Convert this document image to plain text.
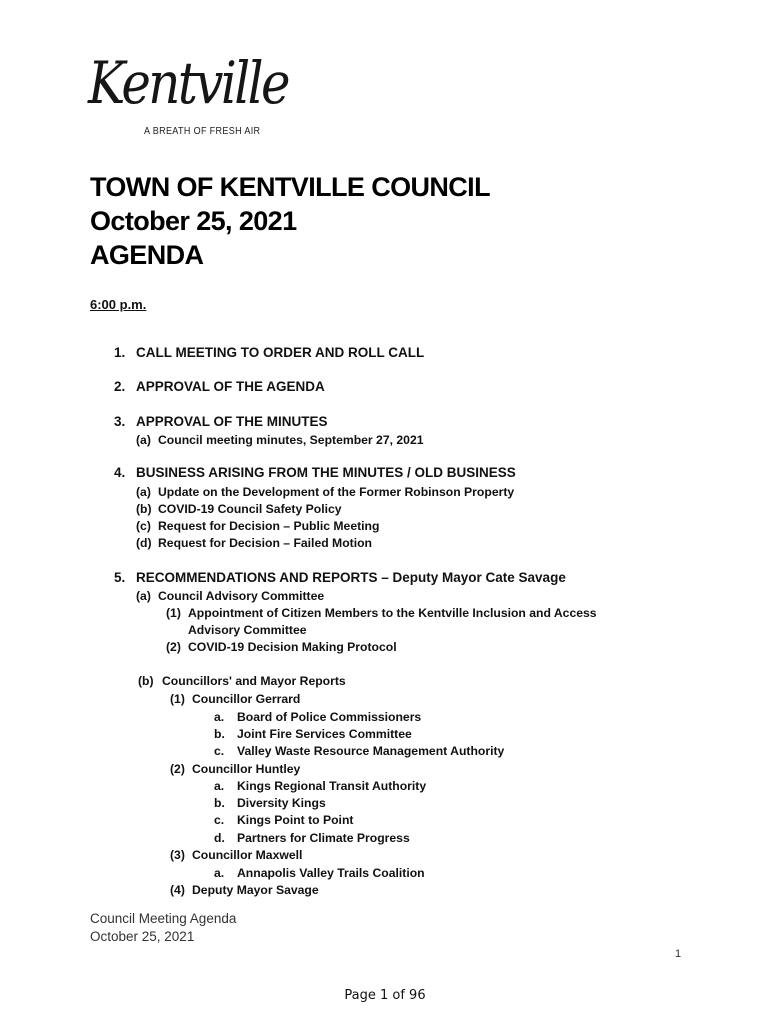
Kentville
A BREATH OF FRESH AIR
TOWN OF KENTVILLE COUNCIL
October 25, 2021
AGENDA
6:00 p.m.
1. CALL MEETING TO ORDER AND ROLL CALL
2. APPROVAL OF THE AGENDA
3. APPROVAL OF THE MINUTES
(a) Council meeting minutes, September 27, 2021
4. BUSINESS ARISING FROM THE MINUTES / OLD BUSINESS
(a) Update on the Development of the Former Robinson Property
(b) COVID-19 Council Safety Policy
(c) Request for Decision – Public Meeting
(d) Request for Decision – Failed Motion
5. RECOMMENDATIONS AND REPORTS – Deputy Mayor Cate Savage
(a) Council Advisory Committee
(1) Appointment of Citizen Members to the Kentville Inclusion and Access
Advisory Committee
(2) COVID-19 Decision Making Protocol
(b) Councillors' and Mayor Reports
(1) Councillor Gerrard
a. Board of Police Commissioners
b. Joint Fire Services Committee
c. Valley Waste Resource Management Authority
(2) Councillor Huntley
a. Kings Regional Transit Authority
b. Diversity Kings
c. Kings Point to Point
d. Partners for Climate Progress
(3) Councillor Maxwell
a. Annapolis Valley Trails Coalition
(4) Deputy Mayor Savage
Council Meeting Agenda
October 25, 2021
1
Page 1 of 96
